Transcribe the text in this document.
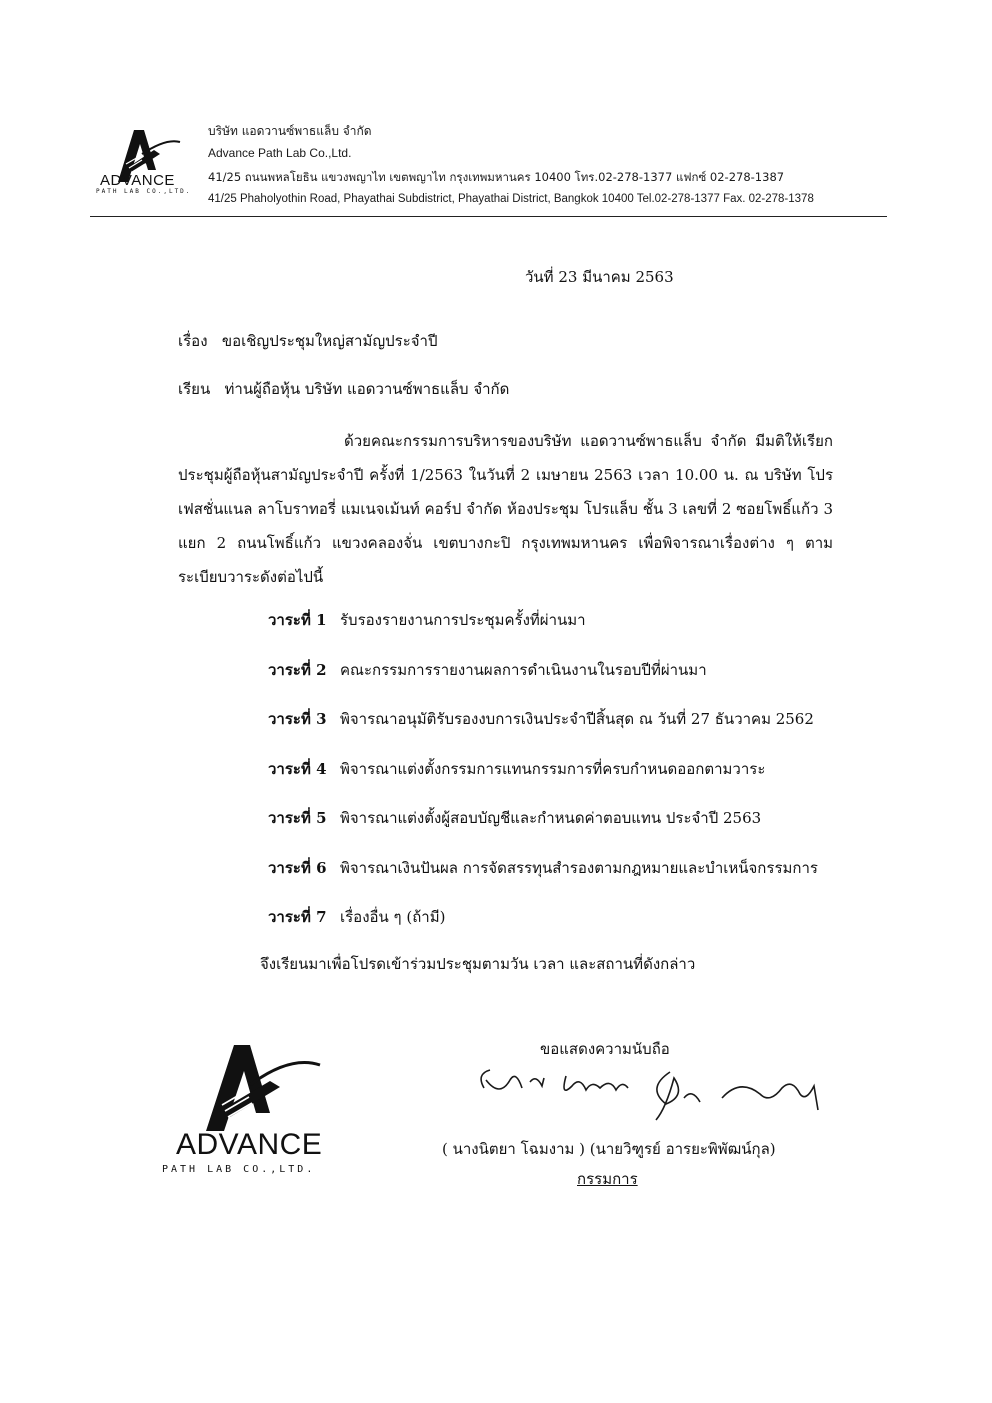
ADVANCE
PATH LAB CO.,LTD.
บริษัท แอดวานซ์พาธแล็บ จำกัด
Advance Path Lab Co.,Ltd.
41/25 ถนนพหลโยธิน แขวงพญาไท เขตพญาไท กรุงเทพมหานคร 10400 โทร.02-278-1377 แฟกซ์ 02-278-1387
41/25 Phaholyothin Road, Phayathai Subdistrict, Phayathai District, Bangkok 10400 Tel.02-278-1377 Fax. 02-278-1378
วันที่ 23 มีนาคม 2563
เรื่อง ขอเชิญประชุมใหญ่สามัญประจำปี
เรียน ท่านผู้ถือหุ้น บริษัท แอดวานซ์พาธแล็บ จำกัด
ด้วยคณะกรรมการบริหารของบริษัท แอดวานซ์พาธแล็บ จำกัด มีมติให้เรียกประชุมผู้ถือหุ้นสามัญประจำปี ครั้งที่ 1/2563 ในวันที่ 2 เมษายน 2563 เวลา 10.00 น. ณ บริษัท โปรเฟสชั่นแนล ลาโบราทอรี่ แมเนจเม้นท์ คอร์ป จำกัด ห้องประชุม โปรแล็บ ชั้น 3 เลขที่ 2 ซอยโพธิ์แก้ว 3 แยก 2 ถนนโพธิ์แก้ว แขวงคลองจั่น เขตบางกะปิ กรุงเทพมหานคร เพื่อพิจารณาเรื่องต่าง ๆ ตามระเบียบวาระดังต่อไปนี้
วาระที่ 1 รับรองรายงานการประชุมครั้งที่ผ่านมา
วาระที่ 2 คณะกรรมการรายงานผลการดำเนินงานในรอบปีที่ผ่านมา
วาระที่ 3 พิจารณาอนุมัติรับรองงบการเงินประจำปีสิ้นสุด ณ วันที่ 27 ธันวาคม 2562
วาระที่ 4 พิจารณาแต่งตั้งกรรมการแทนกรรมการที่ครบกำหนดออกตามวาระ
วาระที่ 5 พิจารณาแต่งตั้งผู้สอบบัญชีและกำหนดค่าตอบแทน ประจำปี 2563
วาระที่ 6 พิจารณาเงินปันผล การจัดสรรทุนสำรองตามกฎหมายและบำเหน็จกรรมการ
วาระที่ 7 เรื่องอื่น ๆ (ถ้ามี)
จึงเรียนมาเพื่อโปรดเข้าร่วมประชุมตามวัน เวลา และสถานที่ดังกล่าว
ADVANCE
PATH LAB CO.,LTD.
ขอแสดงความนับถือ
( นางนิตยา โฉมงาม ) (นายวิฑูรย์ อารยะพิพัฒน์กุล)
กรรมการ
